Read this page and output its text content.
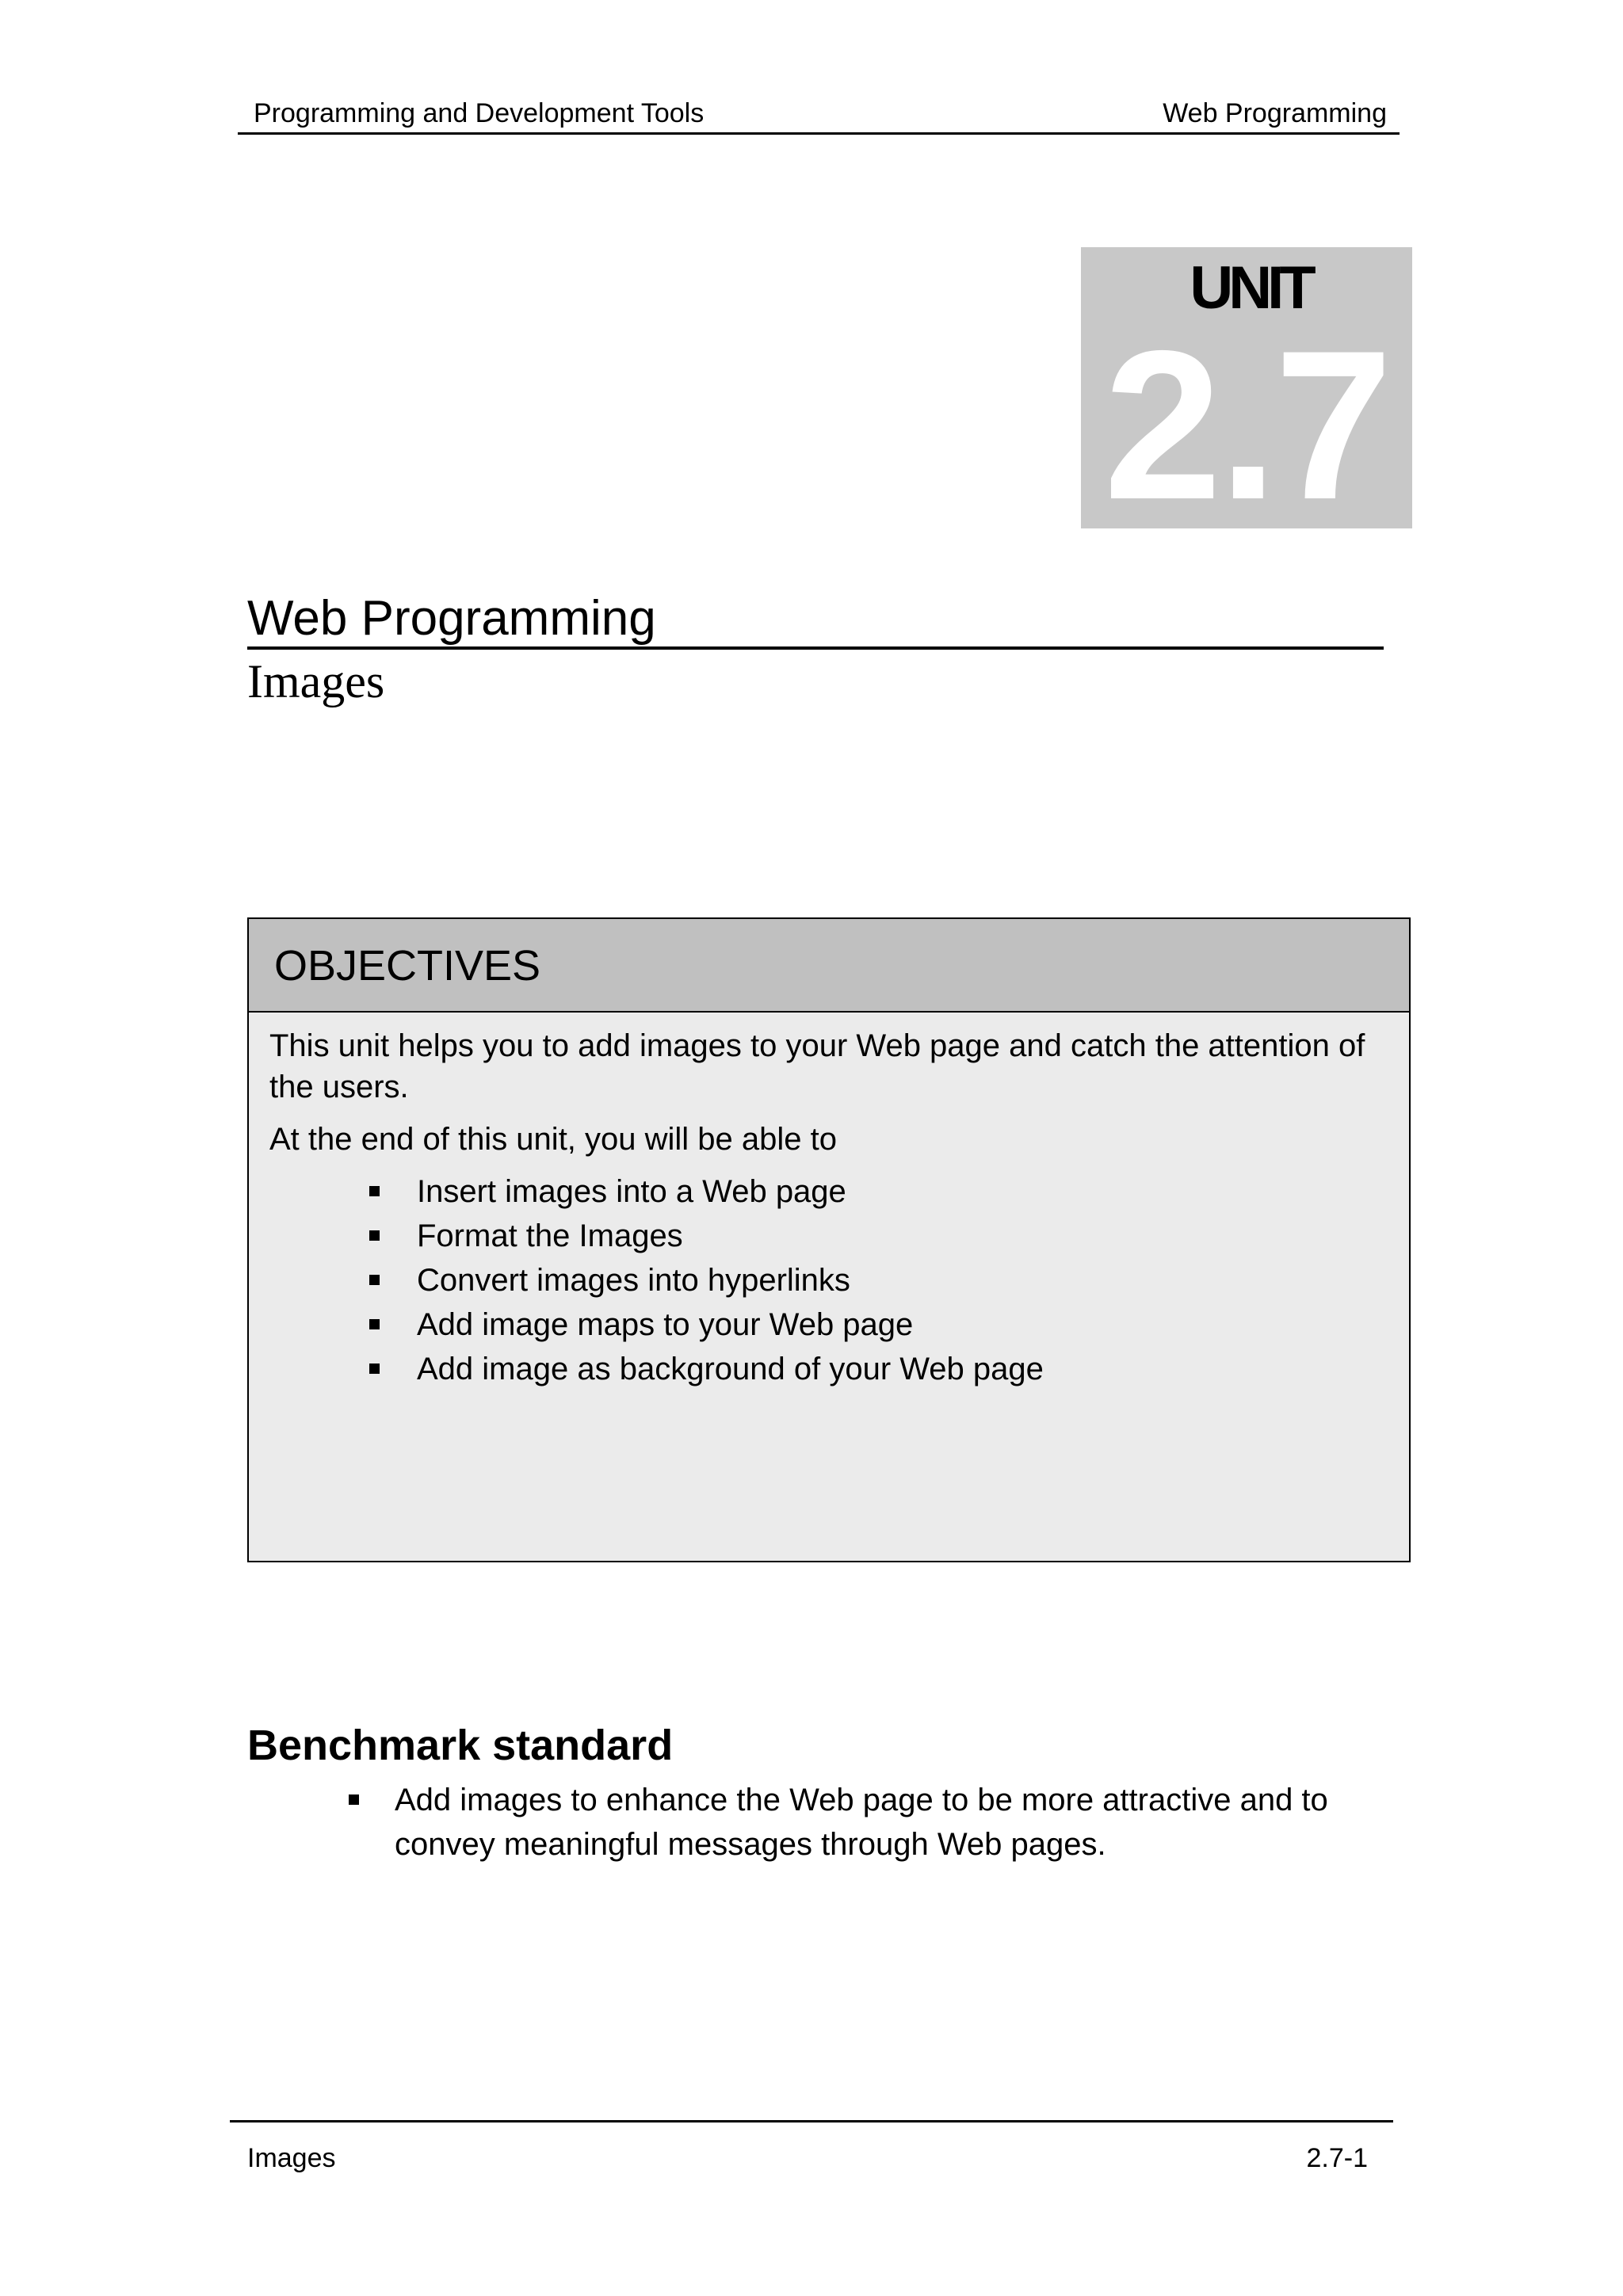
Programming and Development Tools	Web Programming
UNIT
2.7
Web Programming
Images
OBJECTIVES

This unit helps you to add images to your Web page and catch the attention of the users.

At the end of this unit, you will be able to

Insert images into a Web page
Format the Images
Convert images into hyperlinks
Add image maps to your Web page
Add image as background of your Web page
Benchmark standard
Add images to enhance the Web page to be more attractive and to convey meaningful messages through Web pages.
Images	2.7-1
